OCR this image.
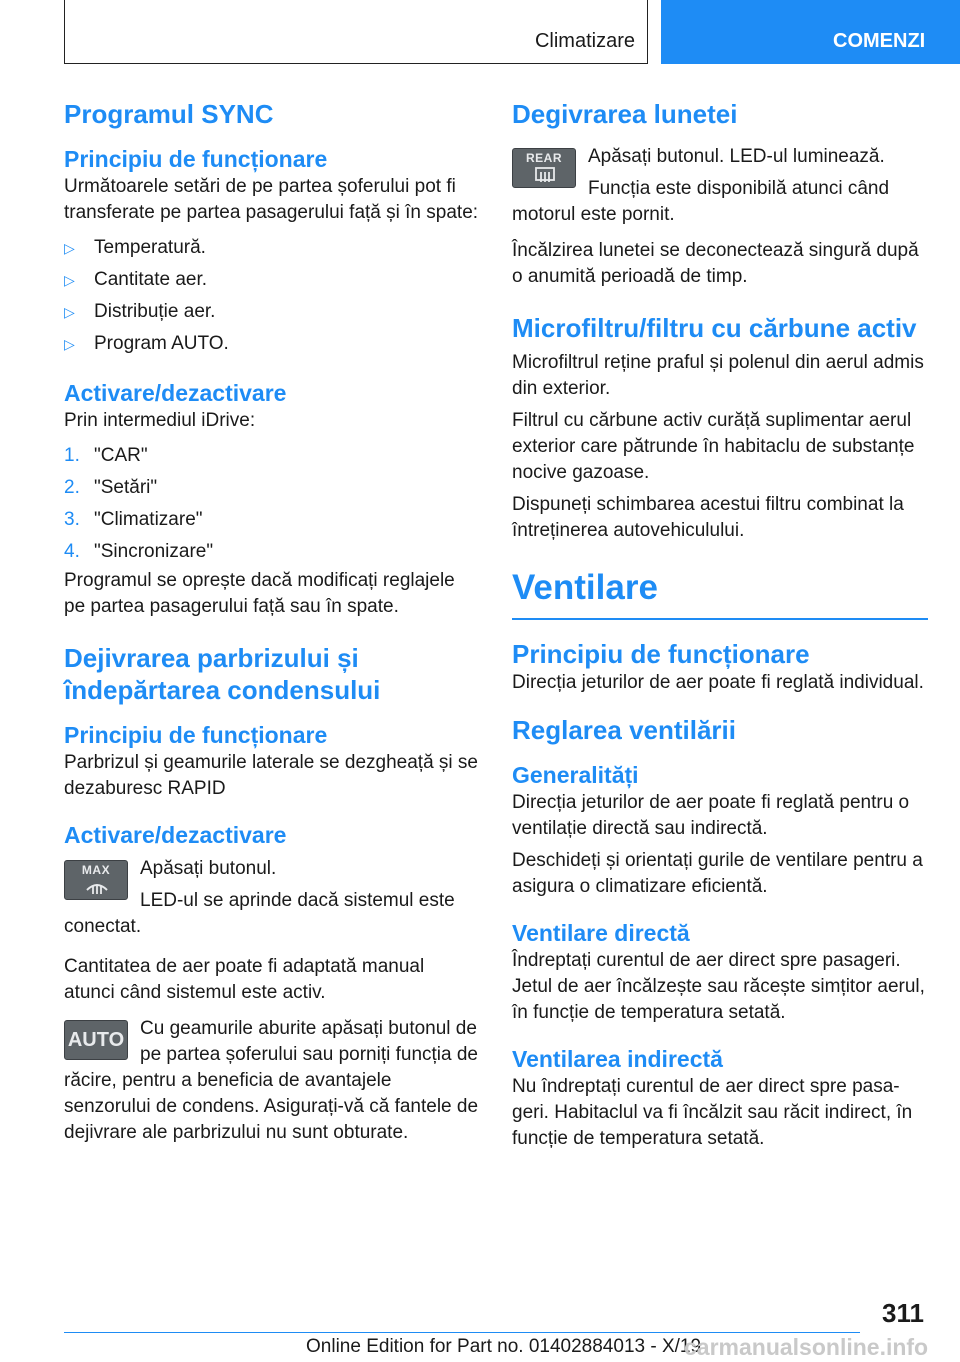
Climatizare	COMENZI
Programul SYNC
Principiu de funcționare

Următoarele setări de pe partea șoferului pot fi transferate pe partea pasagerului față și în spate:

▷ Temperatură.
▷ Cantitate aer.
▷ Distribuție aer.
▷ Program AUTO.
Activare/dezactivare

Prin intermediul iDrive:

1. "CAR"
2. "Setări"
3. "Climatizare"
4. "Sincronizare"

Programul se oprește dacă modificați reglajele pe partea pasagerului față sau în spate.

Dejivrarea parbrizului și îndepărtarea condensului
Principiu de funcționare

Parbrizul și geamurile laterale se dezgheață și se dezaburesc RAPID

Activare/dezactivare
MAX	Apăsați butonul.

LED-ul se aprinde dacă sistemul este conectat.

Cantitatea de aer poate fi adaptată manual atunci când sistemul este activ.

AUTO

Cu geamurile aburite apăsați butonul de pe partea șoferului sau porniți funcția de răcire, pentru a beneficia de avantajele senzorului de condens. Asigurați-vă că fantele de dejivrare ale parbrizului nu sunt obturate.

Degivrarea lunetei
REAR	Apăsați butonul. LED-ul luminează.

Funcția este disponibilă atunci când motorul este pornit.

Încălzirea lunetei se deconectează singură după o anumită perioadă de timp.

Microfiltru/filtru cu cărbune activ

Microfiltrul reține praful și polenul din aerul admis din exterior.

Filtrul cu cărbune activ curăță suplimentar aerul exterior care pătrunde în habitaclu de substanțe nocive gazoase.

Dispuneți schimbarea acestui filtru combinat la întreținerea autovehiculului.

Ventilare
Principiu de funcționare

Direcția jeturilor de aer poate fi reglată individual.

Reglarea ventilării
Generalități

Direcția jeturilor de aer poate fi reglată pentru o ventilație directă sau indirectă.

Deschideți și orientați gurile de ventilare pentru a asigura o climatizare eficientă.

Ventilare directă

Îndreptați curentul de aer direct spre pasageri. Jetul de aer încălzește sau răcește simțitor aerul, în funcție de temperatura setată.

Ventilarea indirectă

Nu îndreptați curentul de aer direct spre pasa-geri. Habitaclul va fi încălzit sau răcit indirect, în funcție de temperatura setată.

311
Online Edition for Part no. 01402884013 - X/19
carmanualsonline.info
